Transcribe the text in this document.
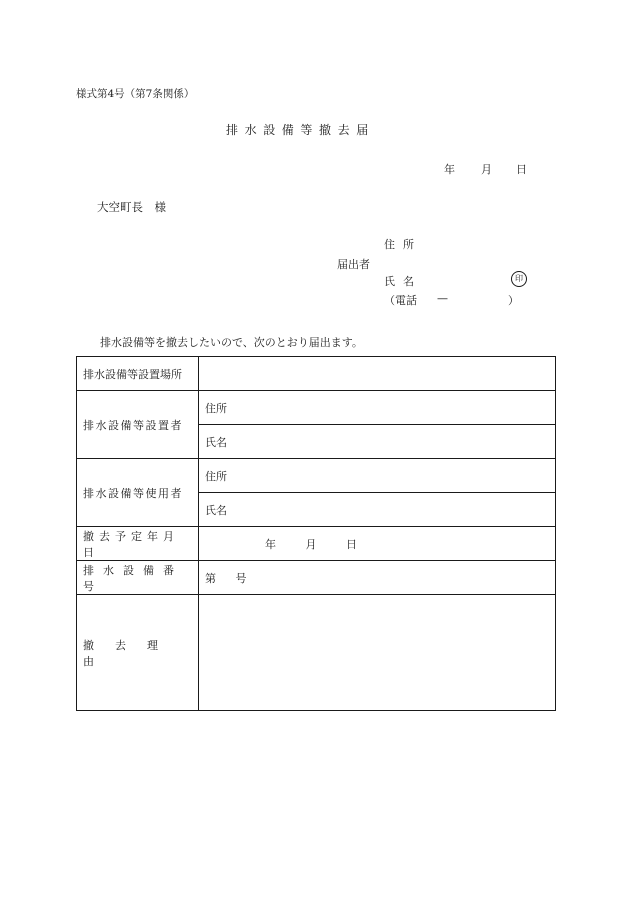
様式第4号（第7条関係）
排水設備等撤去届
年 月 日
大空町長　様
住所
届出者
氏名	印
（電話 —	）
排水設備等を撤去したいので、次のとおり届出ます。
排水設備等設置場所	
排水設備等設置者	住所
	氏名
排水設備等使用者	住所
	氏名
撤去予定年月日	年 月 日
排水設備番号	第 号
撤去理由	
